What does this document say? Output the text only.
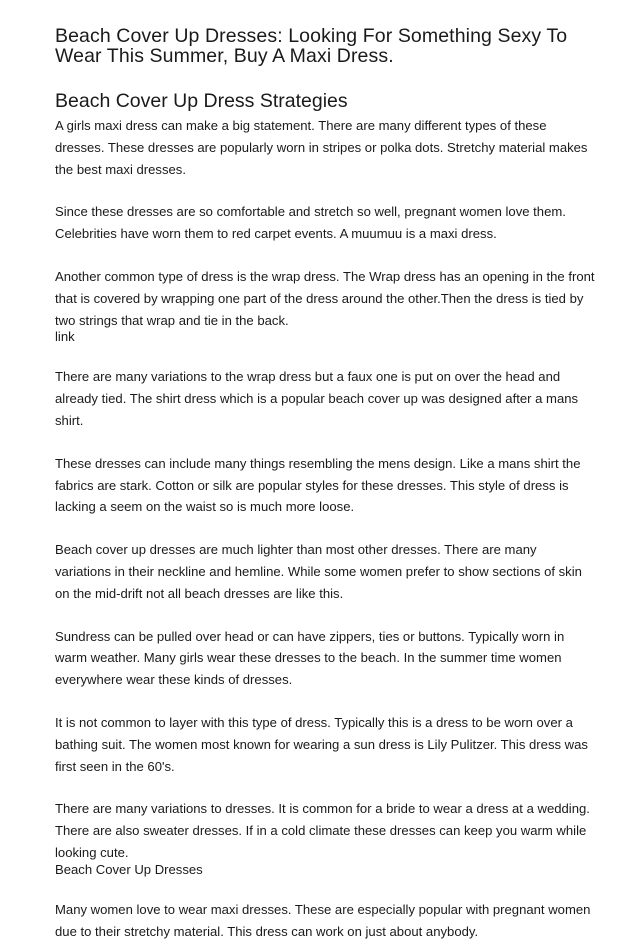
Beach Cover Up Dresses: Looking For Something Sexy To
Wear This Summer, Buy A Maxi Dress.
Beach Cover Up Dress Strategies

A girls maxi dress can make a big statement. There are many different types of these dresses. These dresses are popularly worn in stripes or polka dots. Stretchy material makes the best maxi dresses.

Since these dresses are so comfortable and stretch so well, pregnant women love them. Celebrities have worn them to red carpet events. A muumuu is a maxi dress.

Another common type of dress is the wrap dress. The Wrap dress has an opening in the front that is covered by wrapping one part of the dress around the other.Then the dress is tied by two strings that wrap and tie in the back.

link

There are many variations to the wrap dress but a faux one is put on over the head and already tied. The shirt dress which is a popular beach cover up was designed after a mans shirt.

These dresses can include many things resembling the mens design. Like a mans shirt the fabrics are stark. Cotton or silk are popular styles for these dresses. This style of dress is lacking a seem on the waist so is much more loose.

Beach cover up dresses are much lighter than most other dresses. There are many variations in their neckline and hemline. While some women prefer to show sections of skin on the mid-drift not all beach dresses are like this.

Sundress can be pulled over head or can have zippers, ties or buttons. Typically worn in warm weather. Many girls wear these dresses to the beach. In the summer time women everywhere wear these kinds of dresses.

It is not common to layer with this type of dress. Typically this is a dress to be worn over a bathing suit. The women most known for wearing a sun dress is Lily Pulitzer. This dress was first seen in the 60's.

There are many variations to dresses. It is common for a bride to wear a dress at a wedding. There are also sweater dresses. If in a cold climate these dresses can keep you warm while looking cute.

Beach Cover Up Dresses

Many women love to wear maxi dresses. These are especially popular with pregnant women due to their stretchy material. This dress can work on just about anybody.
